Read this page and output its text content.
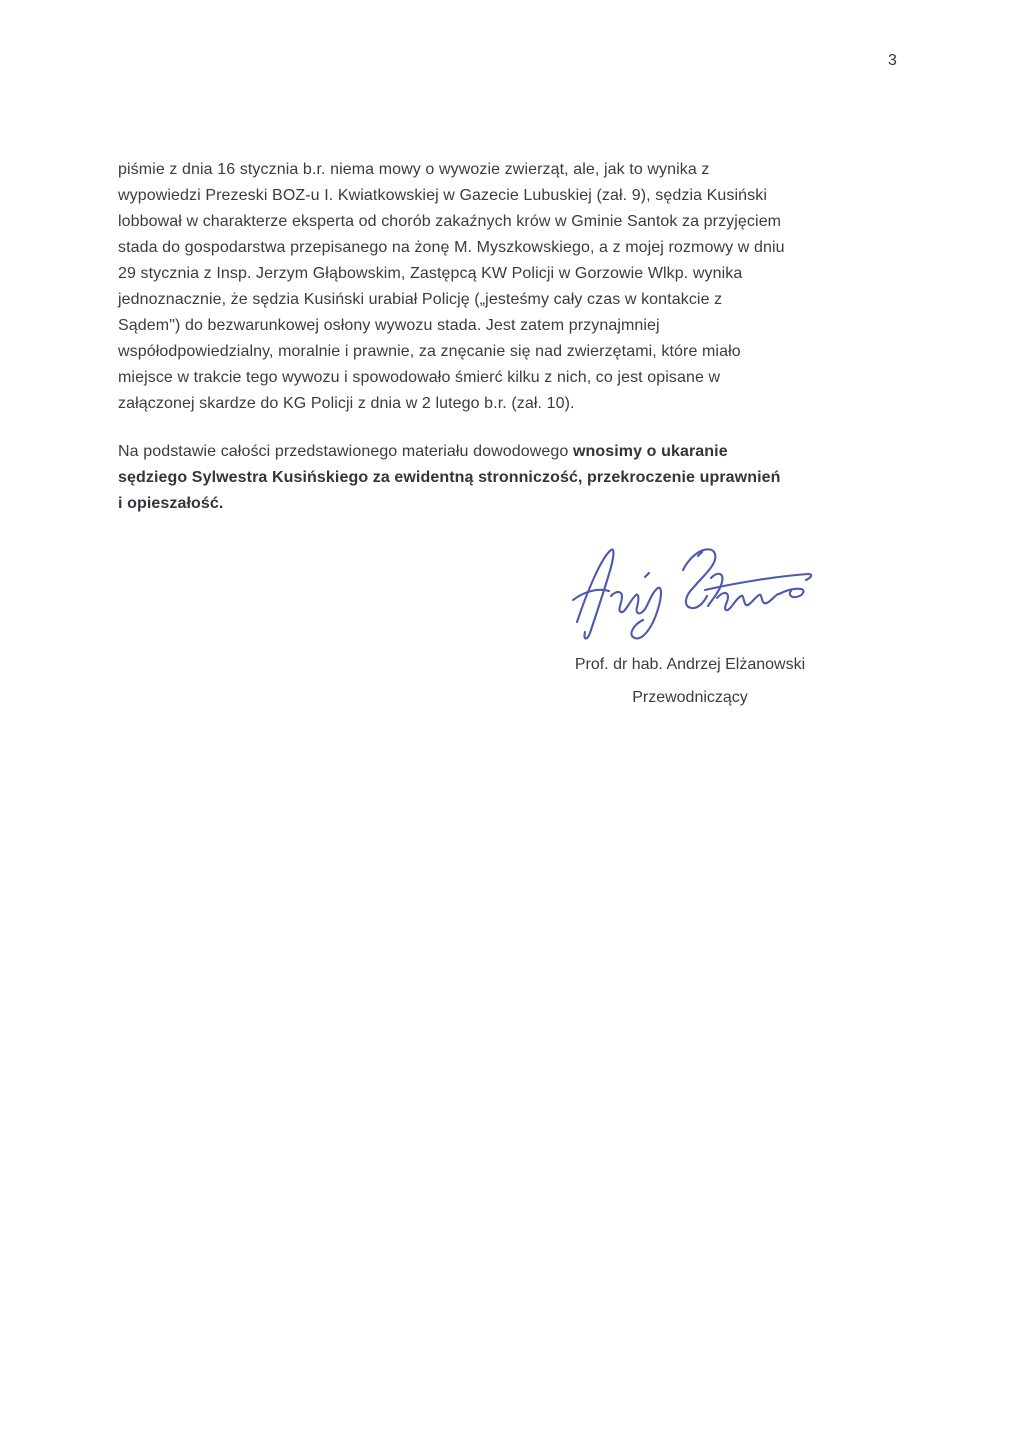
3
piśmie z dnia 16 stycznia b.r. niema mowy o wywozie zwierząt, ale, jak to wynika z
wypowiedzi Prezeski BOZ-u I. Kwiatkowskiej w Gazecie Lubuskiej (zał. 9), sędzia Kusiński
lobbował w charakterze eksperta od chorób zakaźnych krów w Gminie Santok za przyjęciem
stada do gospodarstwa przepisanego na żonę M. Myszkowskiego, a z mojej rozmowy w dniu
29 stycznia z Insp. Jerzym Głąbowskim, Zastępcą KW Policji w Gorzowie Wlkp. wynika
jednoznacznie, że sędzia Kusiński urabiał Policję („jesteśmy cały czas w kontakcie z
Sądem") do bezwarunkowej osłony wywozu stada. Jest zatem przynajmniej
współodpowiedzialny, moralnie i prawnie, za znęcanie się nad zwierzętami, które miało
miejsce w trakcie tego wywozu i spowodowało śmierć kilku z nich, co jest opisane w
załączonej skardze do KG Policji z dnia w 2 lutego b.r. (zał. 10).
Na podstawie całości przedstawionego materiału dowodowego wnosimy o ukaranie
sędziego Sylwestra Kusińskiego za ewidentną stronniczość, przekroczenie uprawnień
i opieszałość.
Prof. dr hab. Andrzej Elżanowski
Przewodniczący
